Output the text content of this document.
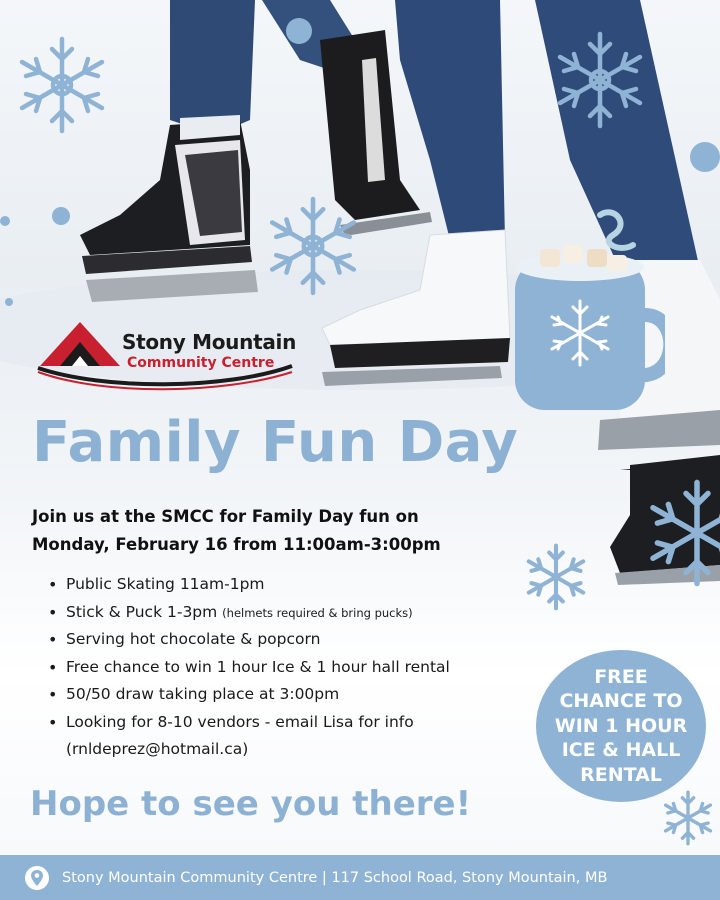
Stony Mountain
Community Centre
Family Fun Day
Join us at the SMCC for Family Day fun on
Monday, February 16 from 11:00am-3:00pm
• Public Skating 11am-1pm
• Stick & Puck 1-3pm (helmets required & bring pucks)
• Serving hot chocolate & popcorn
• Free chance to win 1 hour Ice & 1 hour hall rental
• 50/50 draw taking place at 3:00pm
• Looking for 8-10 vendors - email Lisa for info
(rnldeprez@hotmail.ca)
Hope to see you there!
FREE
CHANCE TO
WIN 1 HOUR
ICE & HALL
RENTAL
Stony Mountain Community Centre | 117 School Road, Stony Mountain, MB
